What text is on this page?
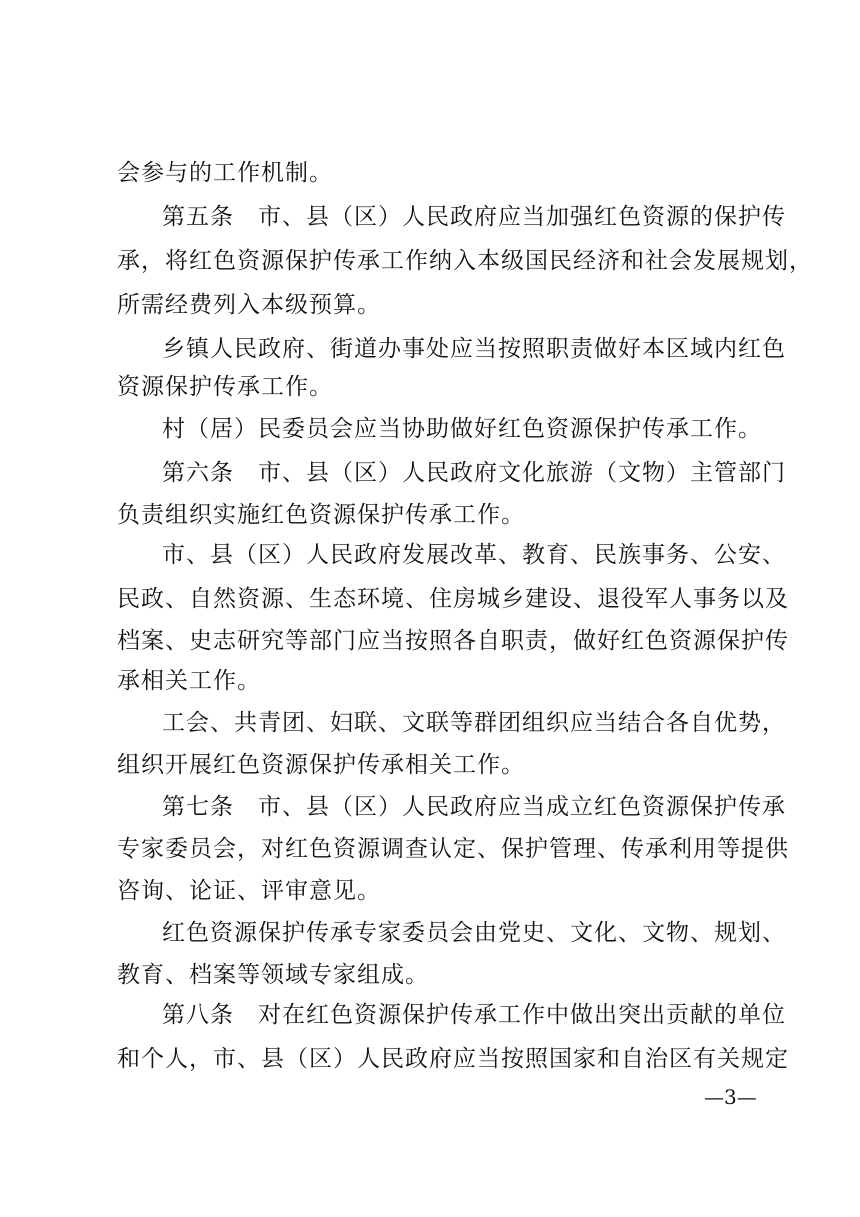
会参与的工作机制。
第五条　市、县（区）人民政府应当加强红色资源的保护传
承，将红色资源保护传承工作纳入本级国民经济和社会发展规划，
所需经费列入本级预算。
乡镇人民政府、街道办事处应当按照职责做好本区域内红色
资源保护传承工作。
村（居）民委员会应当协助做好红色资源保护传承工作。
第六条　市、县（区）人民政府文化旅游（文物）主管部门
负责组织实施红色资源保护传承工作。
市、县（区）人民政府发展改革、教育、民族事务、公安、
民政、自然资源、生态环境、住房城乡建设、退役军人事务以及
档案、史志研究等部门应当按照各自职责，做好红色资源保护传
承相关工作。
工会、共青团、妇联、文联等群团组织应当结合各自优势，
组织开展红色资源保护传承相关工作。
第七条　市、县（区）人民政府应当成立红色资源保护传承
专家委员会，对红色资源调查认定、保护管理、传承利用等提供
咨询、论证、评审意见。
红色资源保护传承专家委员会由党史、文化、文物、规划、
教育、档案等领域专家组成。
第八条　对在红色资源保护传承工作中做出突出贡献的单位
和个人，市、县（区）人民政府应当按照国家和自治区有关规定
—3—
